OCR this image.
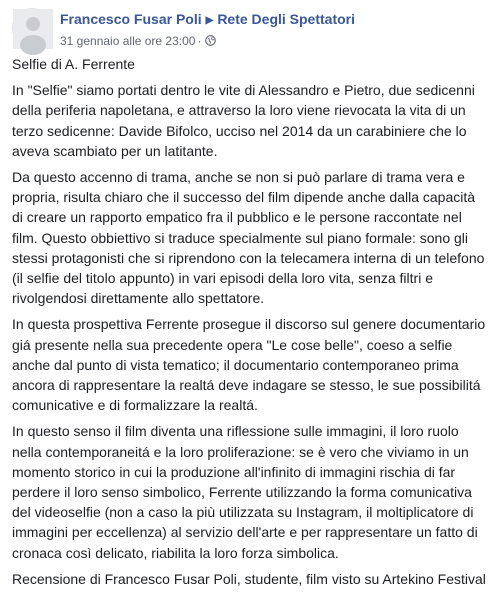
Francesco Fusar Poli ▶ Rete Degli Spettatori
31 gennaio alle ore 23:00 ·

Selfie di A. Ferrente

In "Selfie" siamo portati dentro le vite di Alessandro e Pietro, due sedicenni della periferia napoletana, e attraverso la loro viene rievocata la vita di un terzo sedicenne: Davide Bifolco, ucciso nel 2014 da un carabiniere che lo aveva scambiato per un latitante.

Da questo accenno di trama, anche se non si può parlare di trama vera e propria, risulta chiaro che il successo del film dipende anche dalla capacità di creare un rapporto empatico fra il pubblico e le persone raccontate nel film. Questo obbiettivo si traduce specialmente sul piano formale: sono gli stessi protagonisti che si riprendono con la telecamera interna di un telefono (il selfie del titolo appunto) in vari episodi della loro vita, senza filtri e rivolgendosi direttamente allo spettatore.

In questa prospettiva Ferrente prosegue il discorso sul genere documentario giá presente nella sua precedente opera "Le cose belle", coeso a selfie anche dal punto di vista tematico; il documentario contemporaneo prima ancora di rappresentare la realtá deve indagare se stesso, le sue possibilitá comunicative e di formalizzare la realtá.

In questo senso il film diventa una riflessione sulle immagini, il loro ruolo nella contemporaneitá e la loro proliferazione: se è vero che viviamo in un momento storico in cui la produzione all'infinito di immagini rischia di far perdere il loro senso simbolico, Ferrente utilizzando la forma comunicativa del videoselfie (non a caso la più utilizzata su Instagram, il moltiplicatore di immagini per eccellenza) al servizio dell'arte e per rappresentare un fatto di cronaca così delicato, riabilita la loro forza simbolica.

Recensione di Francesco Fusar Poli, studente, film visto su Artekino Festival
